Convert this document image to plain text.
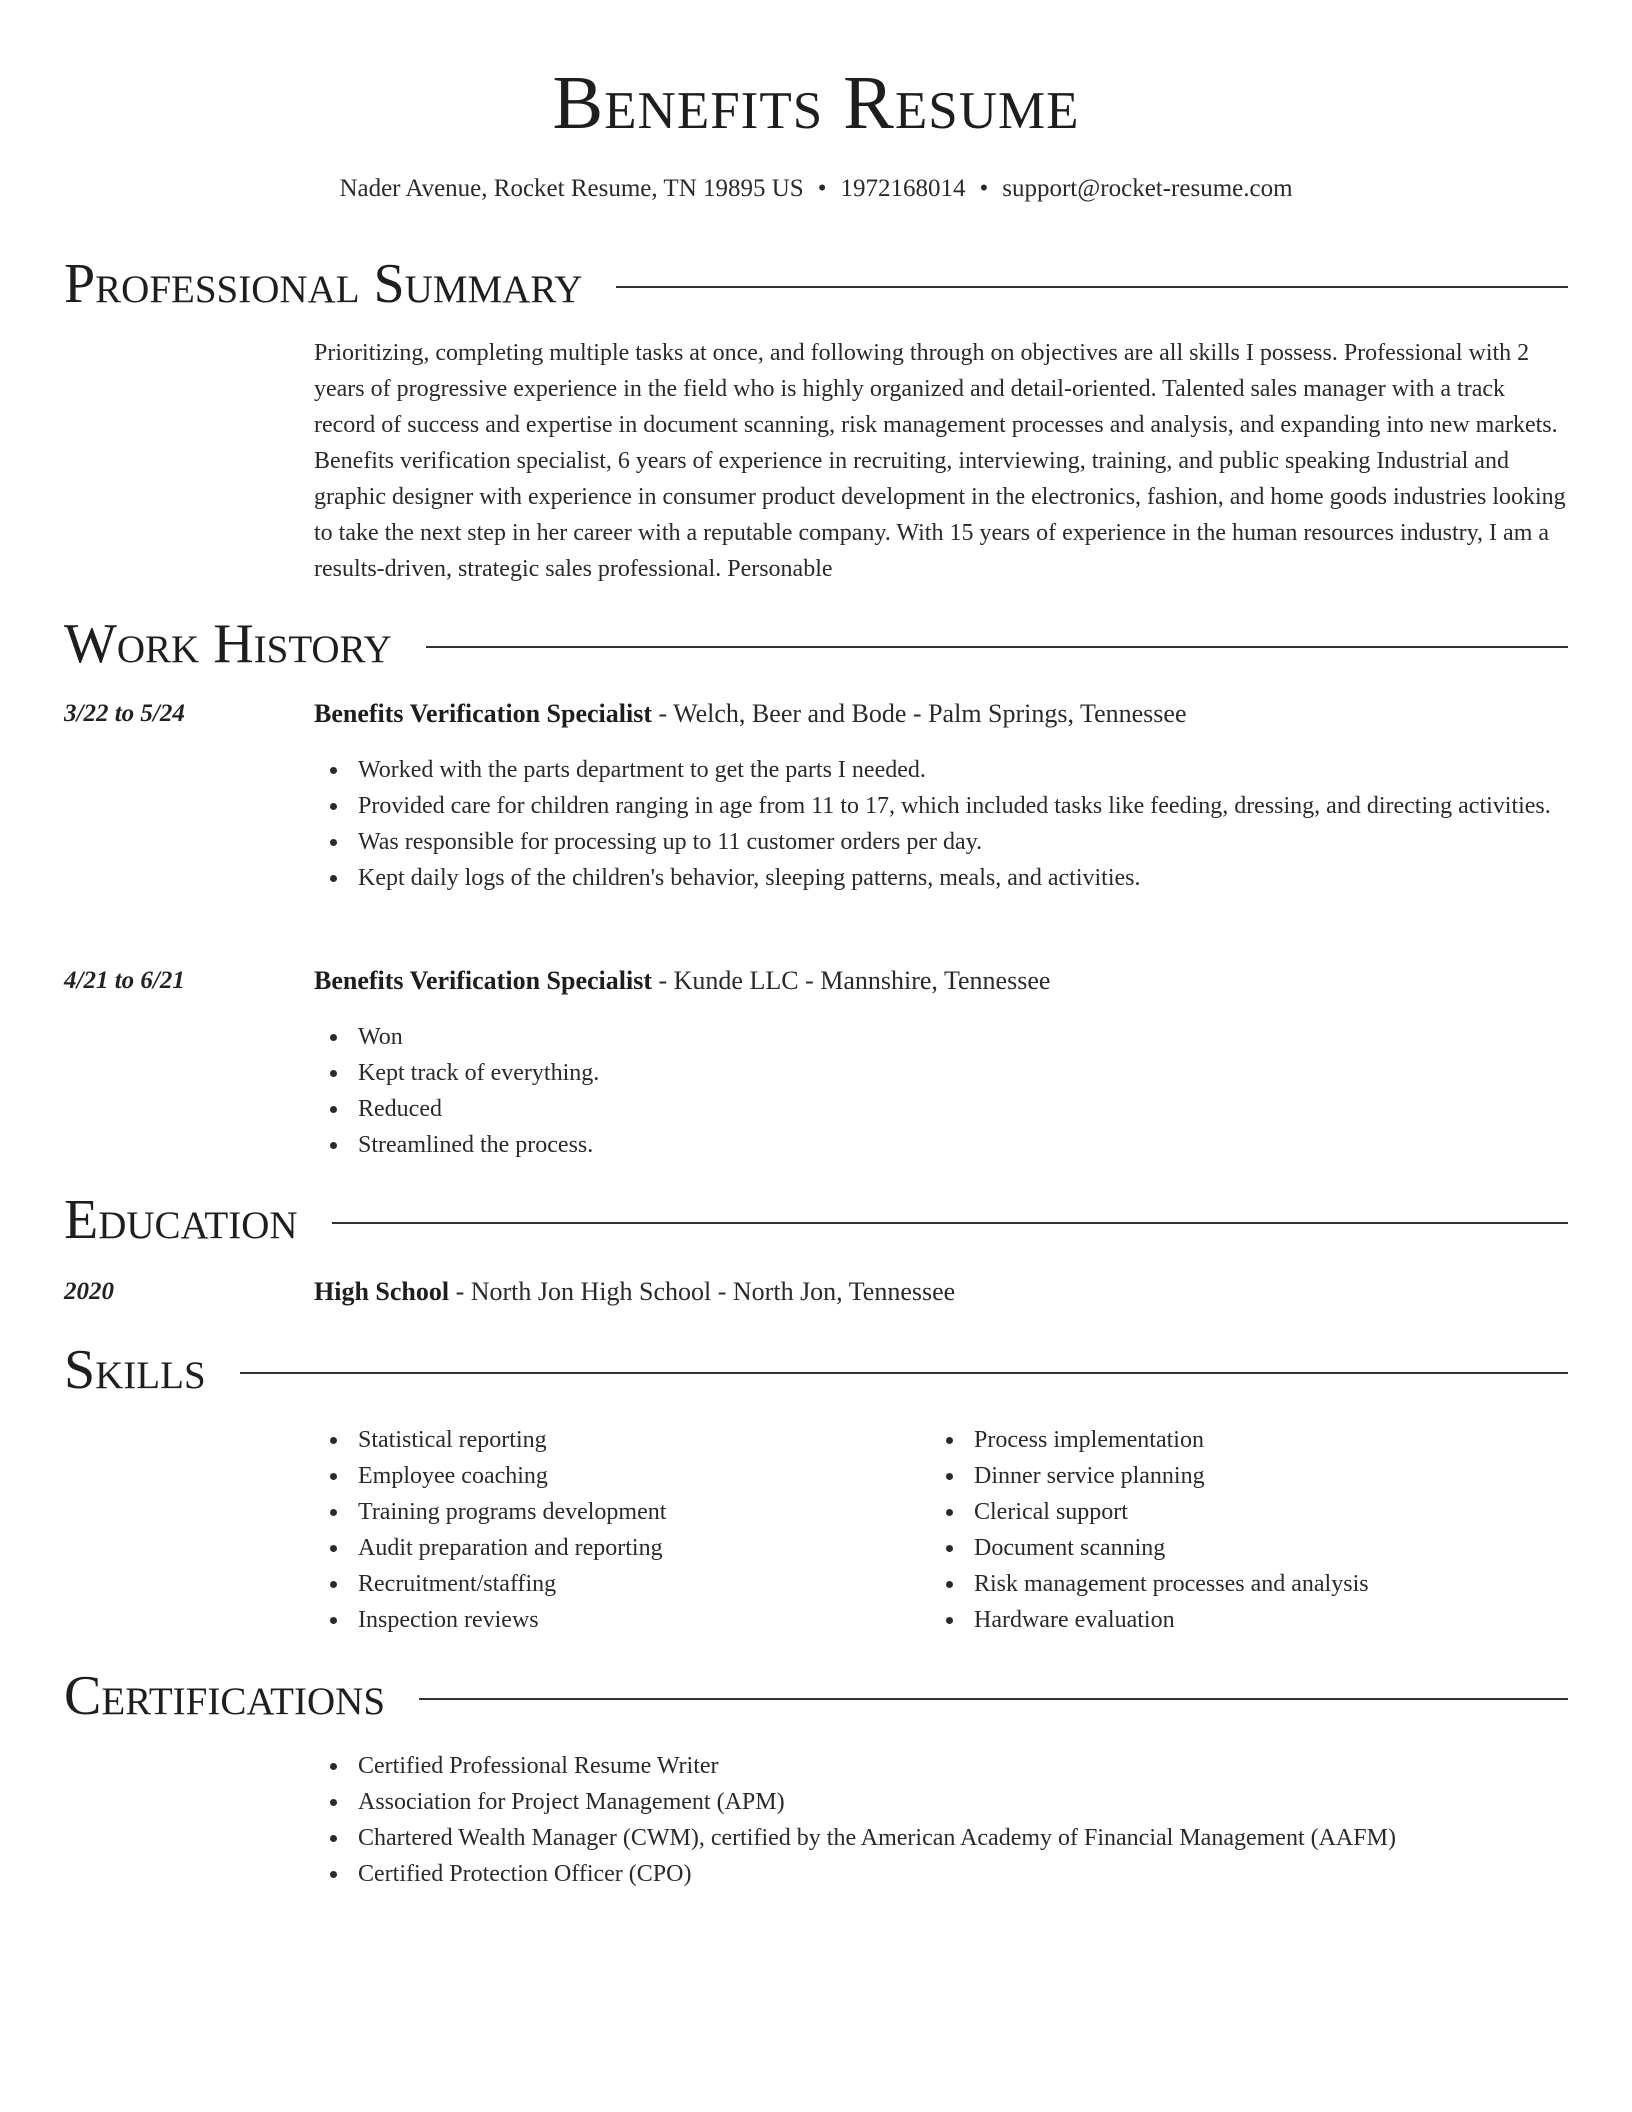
Benefits Resume
Nader Avenue, Rocket Resume, TN 19895 US • 1972168014 • support@rocket-resume.com
Professional Summary
Prioritizing, completing multiple tasks at once, and following through on objectives are all skills I possess. Professional with 2 years of progressive experience in the field who is highly organized and detail-oriented. Talented sales manager with a track record of success and expertise in document scanning, risk management processes and analysis, and expanding into new markets. Benefits verification specialist, 6 years of experience in recruiting, interviewing, training, and public speaking Industrial and graphic designer with experience in consumer product development in the electronics, fashion, and home goods industries looking to take the next step in her career with a reputable company. With 15 years of experience in the human resources industry, I am a results-driven, strategic sales professional. Personable
Work History
3/22 to 5/24	Benefits Verification Specialist - Welch, Beer and Bode - Palm Springs, Tennessee
Worked with the parts department to get the parts I needed.
Provided care for children ranging in age from 11 to 17, which included tasks like feeding, dressing, and directing activities.
Was responsible for processing up to 11 customer orders per day.
Kept daily logs of the children's behavior, sleeping patterns, meals, and activities.
4/21 to 6/21	Benefits Verification Specialist - Kunde LLC - Mannshire, Tennessee
Won
Kept track of everything.
Reduced
Streamlined the process.
Education
2020	High School - North Jon High School - North Jon, Tennessee
Skills
Statistical reporting
Employee coaching
Training programs development
Audit preparation and reporting
Recruitment/staffing
Inspection reviews
Process implementation
Dinner service planning
Clerical support
Document scanning
Risk management processes and analysis
Hardware evaluation
Certifications
Certified Professional Resume Writer
Association for Project Management (APM)
Chartered Wealth Manager (CWM), certified by the American Academy of Financial Management (AAFM)
Certified Protection Officer (CPO)
